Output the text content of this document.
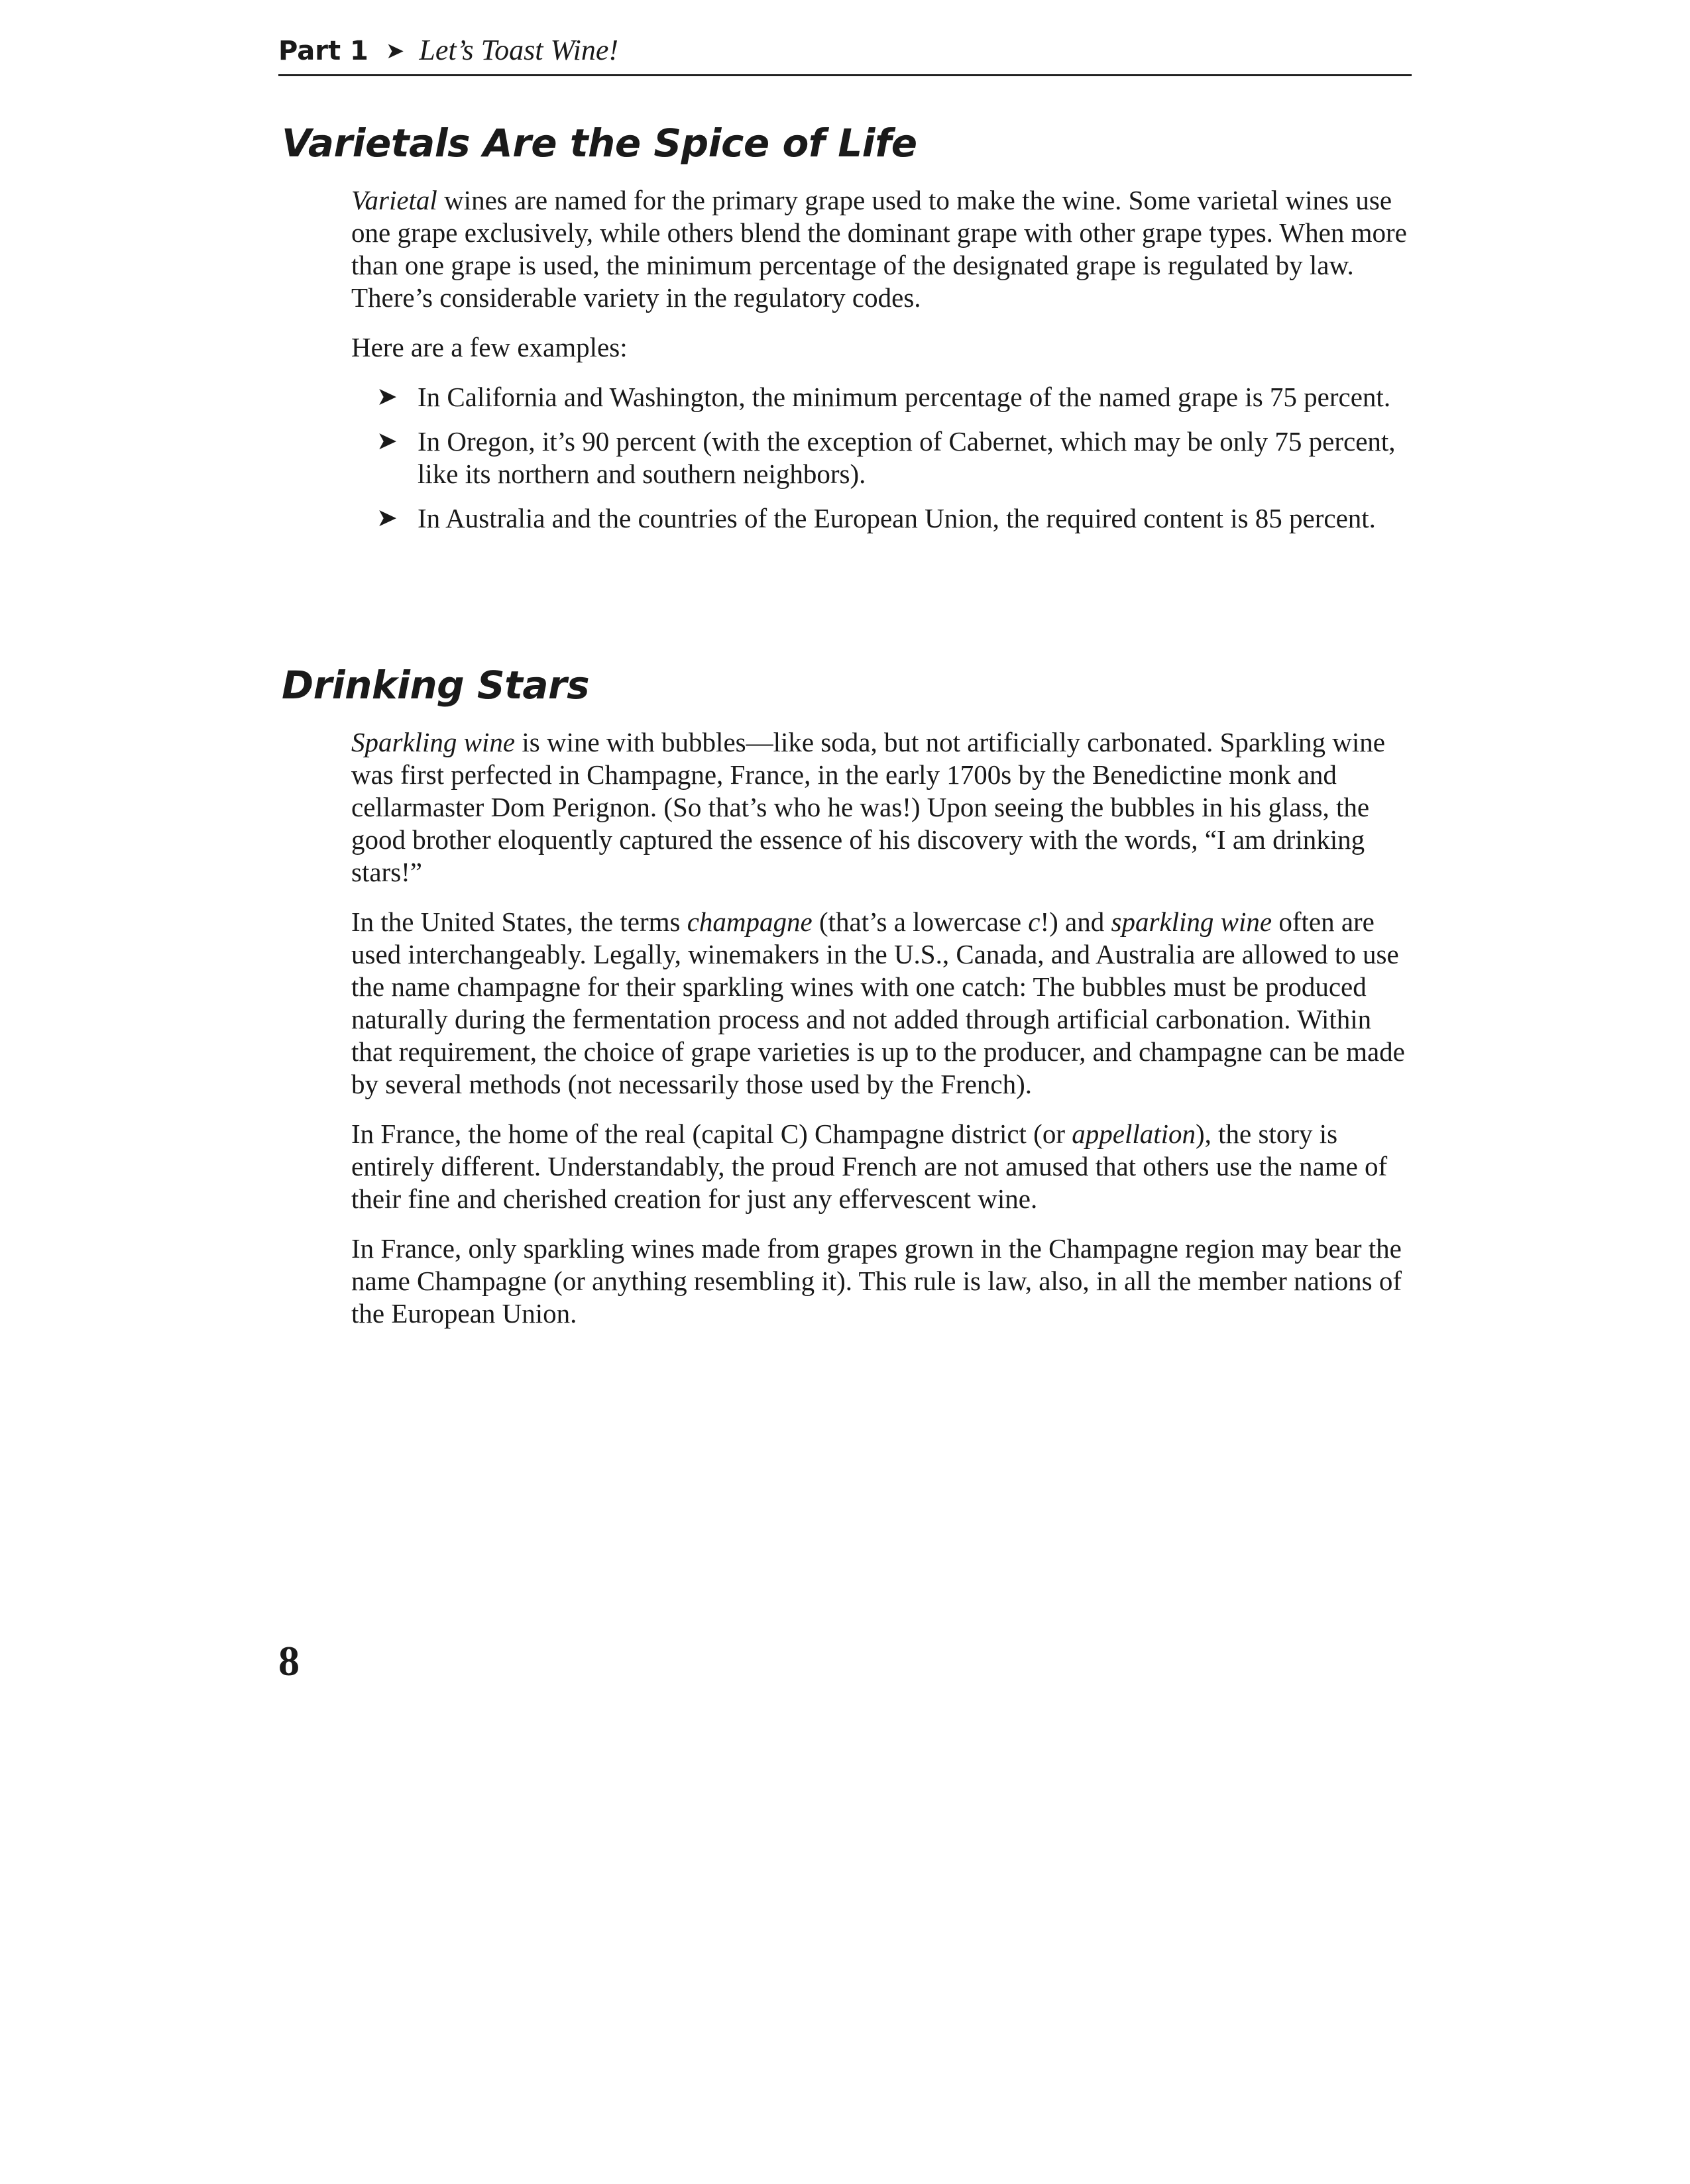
Part 1 ➤ Let’s Toast Wine!
Varietals Are the Spice of Life

Varietal wines are named for the primary grape used to make the wine. Some varietal wines use one grape exclusively, while others blend the dominant grape with other grape types. When more than one grape is used, the minimum percentage of the designated grape is regulated by law. There’s considerable variety in the regulatory codes.

Here are a few examples:

➤ In California and Washington, the minimum percentage of the named grape is 75 percent.
➤ In Oregon, it’s 90 percent (with the exception of Cabernet, which may be only 75 percent, like its northern and southern neighbors).
➤ In Australia and the countries of the European Union, the required content is 85 percent.
Drinking Stars

Sparkling wine is wine with bubbles—like soda, but not artificially carbonated. Sparkling wine was first perfected in Champagne, France, in the early 1700s by the Benedictine monk and cellarmaster Dom Perignon. (So that’s who he was!) Upon seeing the bubbles in his glass, the good brother eloquently captured the essence of his discovery with the words, “I am drinking stars!”

In the United States, the terms champagne (that’s a lowercase c!) and sparkling wine often are used interchangeably. Legally, winemakers in the U.S., Canada, and Australia are allowed to use the name champagne for their sparkling wines with one catch: The bubbles must be produced naturally during the fermentation process and not added through artificial carbonation. Within that requirement, the choice of grape varieties is up to the producer, and champagne can be made by several methods (not necessarily those used by the French).

In France, the home of the real (capital C) Champagne district (or appellation), the story is entirely different. Understandably, the proud French are not amused that others use the name of their fine and cherished creation for just any effervescent wine.

In France, only sparkling wines made from grapes grown in the Champagne region may bear the name Champagne (or anything resembling it). This rule is law, also, in all the member nations of the European Union.

8
